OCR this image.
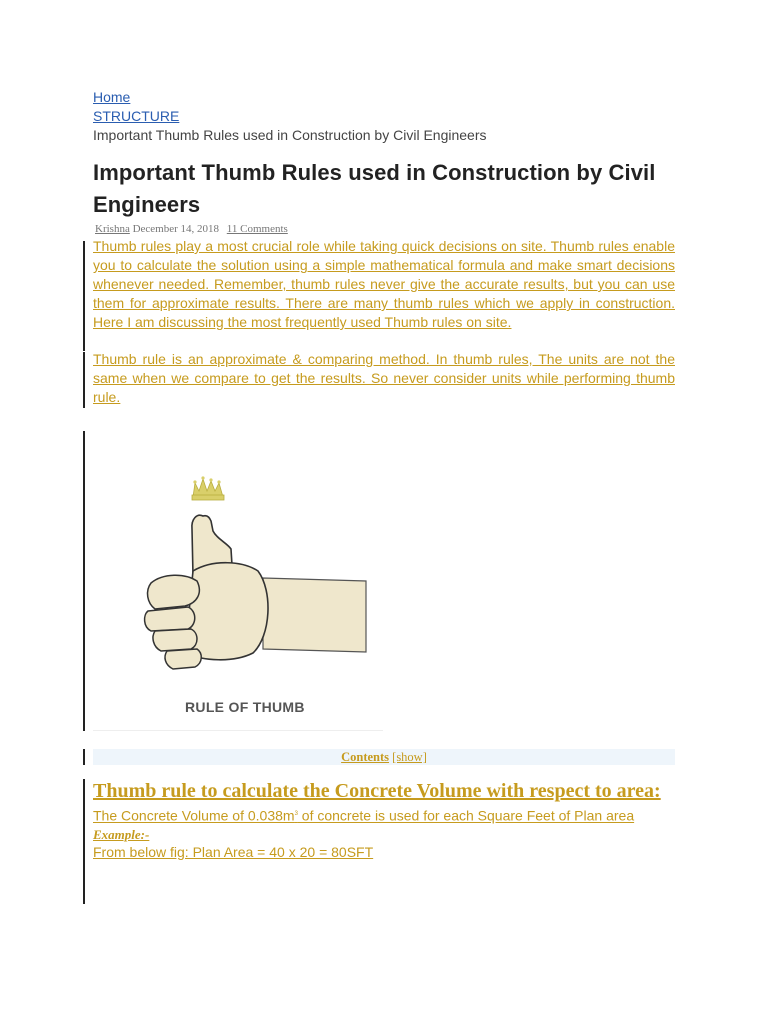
Home
STRUCTURE
Important Thumb Rules used in Construction by Civil Engineers
Important Thumb Rules used in Construction by Civil Engineers
Krishna December 14, 2018 11 Comments

Thumb rules play a most crucial role while taking quick decisions on site. Thumb rules enable you to calculate the solution using a simple mathematical formula and make smart decisions whenever needed. Remember, thumb rules never give the accurate results, but you can use them for approximate results. There are many thumb rules which we apply in construction. Here I am discussing the most frequently used Thumb rules on site.

Thumb rule is an approximate & comparing method. In thumb rules, The units are not the same when we compare to get the results. So never consider units while performing thumb rule.

RULE OF THUMB
Contents [show]
Thumb rule to calculate the Concrete Volume with respect to area:

The Concrete Volume of $0.038m^3$ of concrete is used for each Square Feet of Plan area

Example:-
From below fig: Plan Area = 40 x 20 = 80SFT
